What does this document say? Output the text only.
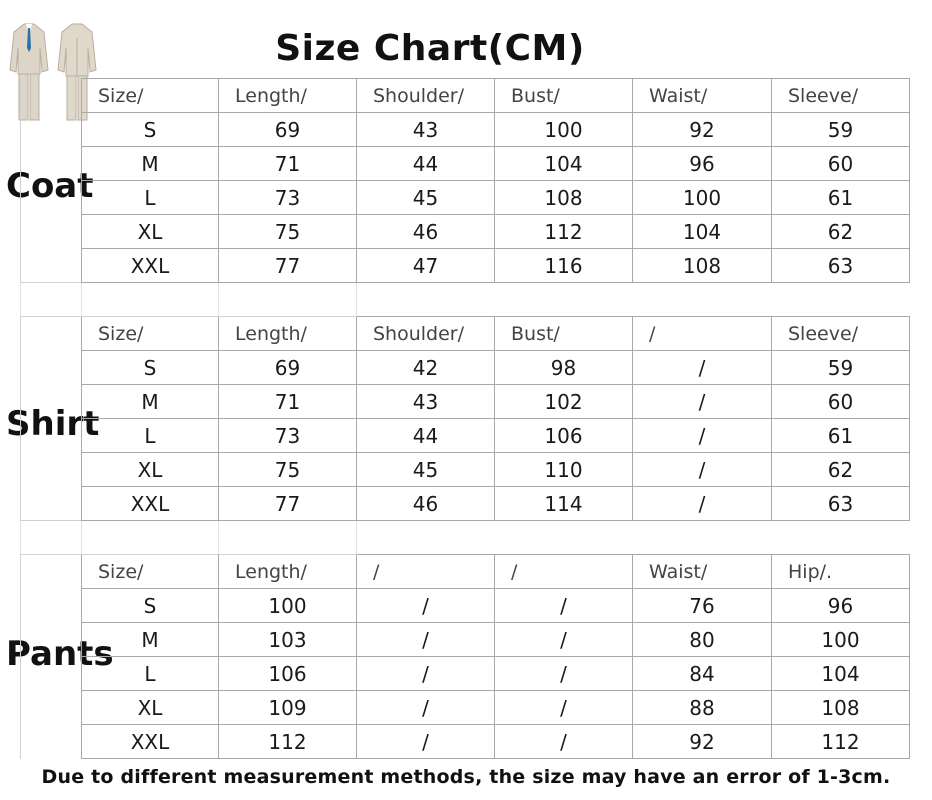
Size Chart(CM)
Coat
Shirt
Pants
	Size/	Length/	Shoulder/	Bust/	Waist/	Sleeve/
	S	69	43	100	92	59
	M	71	44	104	96	60
	L	73	45	108	100	61
	XL	75	46	112	104	62
	XXL	77	47	116	108	63

	Size/	Length/	Shoulder/	Bust/	/	Sleeve/
	S	69	42	98	/	59
	M	71	43	102	/	60
	L	73	44	106	/	61
	XL	75	45	110	/	62
	XXL	77	46	114	/	63

	Size/	Length/	/	/	Waist/	Hip/.
	S	100	/	/	76	96
	M	103	/	/	80	100
	L	106	/	/	84	104
	XL	109	/	/	88	108
	XXL	112	/	/	92	112
Due to different measurement methods, the size may have an error of 1-3cm.
